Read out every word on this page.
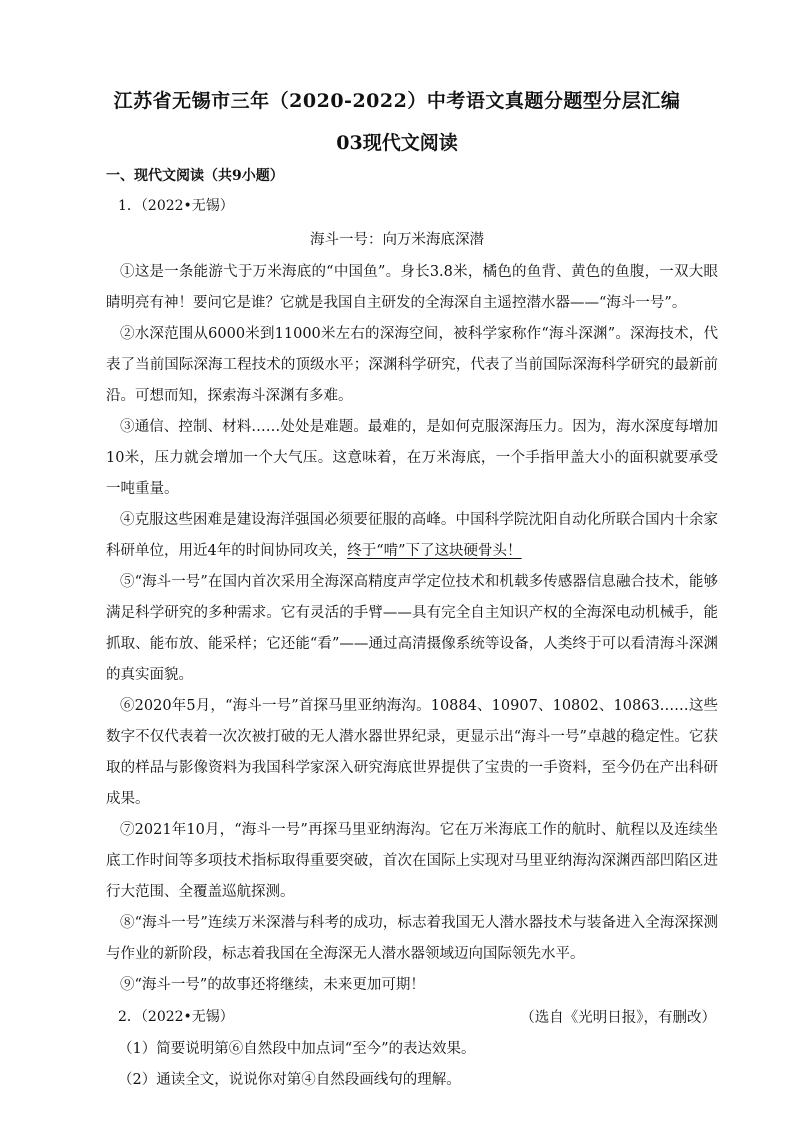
江苏省无锡市三年（2020-2022）中考语文真题分题型分层汇编
03现代文阅读
一、现代文阅读（共9小题）
1．（2022•无锡）
海斗一号：向万米海底深潜

①这是一条能游弋于万米海底的“中国鱼”。身长3.8米，橘色的鱼背、黄色的鱼腹，一双大眼睛明亮有神！要问它是谁？它就是我国自主研发的全海深自主遥控潜水器——“海斗一号”。

②水深范围从6000米到11000米左右的深海空间，被科学家称作“海斗深渊”。深海技术，代表了当前国际深海工程技术的顶级水平；深渊科学研究，代表了当前国际深海科学研究的最新前沿。可想而知，探索海斗深渊有多难。

③通信、控制、材料……处处是难题。最难的，是如何克服深海压力。因为，海水深度每增加10米，压力就会增加一个大气压。这意味着，在万米海底，一个手指甲盖大小的面积就要承受一吨重量。

④克服这些困难是建设海洋强国必须要征服的高峰。中国科学院沈阳自动化所联合国内十余家科研单位，用近4年的时间协同攻关，终于“啃”下了这块硬骨头！

⑤“海斗一号”在国内首次采用全海深高精度声学定位技术和机载多传感器信息融合技术，能够满足科学研究的多种需求。它有灵活的手臂——具有完全自主知识产权的全海深电动机械手，能抓取、能布放、能采样；它还能“看”——通过高清摄像系统等设备，人类终于可以看清海斗深渊的真实面貌。

⑥2020年5月，“海斗一号”首探马里亚纳海沟。10884、10907、10802、10863……这些数字不仅代表着一次次被打破的无人潜水器世界纪录，更显示出“海斗一号”卓越的稳定性。它获取的样品与影像资料为我国科学家深入研究海底世界提供了宝贵的一手资料，至今仍在产出科研成果。

⑦2021年10月，“海斗一号”再探马里亚纳海沟。它在万米海底工作的航时、航程以及连续坐底工作时间等多项技术指标取得重要突破，首次在国际上实现对马里亚纳海沟深渊西部凹陷区进行大范围、全覆盖巡航探测。

⑧“海斗一号”连续万米深潜与科考的成功，标志着我国无人潜水器技术与装备进入全海深探测与作业的新阶段，标志着我国在全海深无人潜水器领域迈向国际领先水平。

⑨“海斗一号”的故事还将继续，未来更加可期！

（选自《光明日报》，有删改）

（1）简要说明第⑥自然段中加点词“至今”的表达效果。

（2）通读全文，说说你对第④自然段画线句的理解。

2．（2022•无锡）
